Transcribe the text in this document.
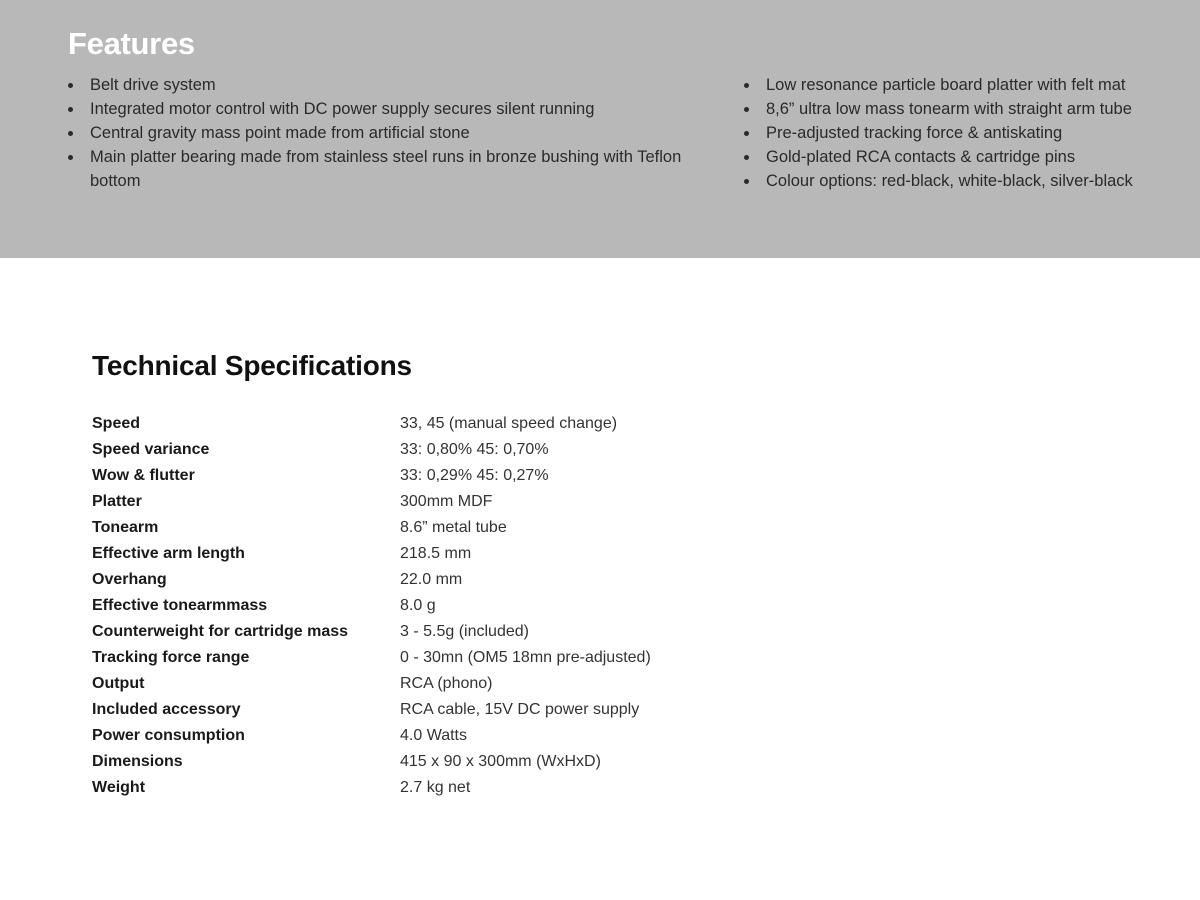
Features
Belt drive system
Integrated motor control with DC power supply secures silent running
Central gravity mass point made from artificial stone
Main platter bearing made from stainless steel runs in bronze bushing with Teflon bottom
Low resonance particle board platter with felt mat
8,6” ultra low mass tonearm with straight arm tube
Pre-adjusted tracking force & antiskating
Gold-plated RCA contacts & cartridge pins
Colour options: red-black, white-black, silver-black
Technical Specifications
Speed	33, 45 (manual speed change)
Speed variance	33: 0,80% 45: 0,70%
Wow & flutter	33: 0,29% 45: 0,27%
Platter	300mm MDF
Tonearm	8.6” metal tube
Effective arm length	218.5 mm
Overhang	22.0 mm
Effective tonearmmass	8.0 g
Counterweight for cartridge mass	3 - 5.5g (included)
Tracking force range	0 - 30mn (OM5 18mn pre-adjusted)
Output	RCA (phono)
Included accessory	RCA cable, 15V DC power supply
Power consumption	4.0 Watts
Dimensions	415 x 90 x 300mm (WxHxD)
Weight	2.7 kg net
